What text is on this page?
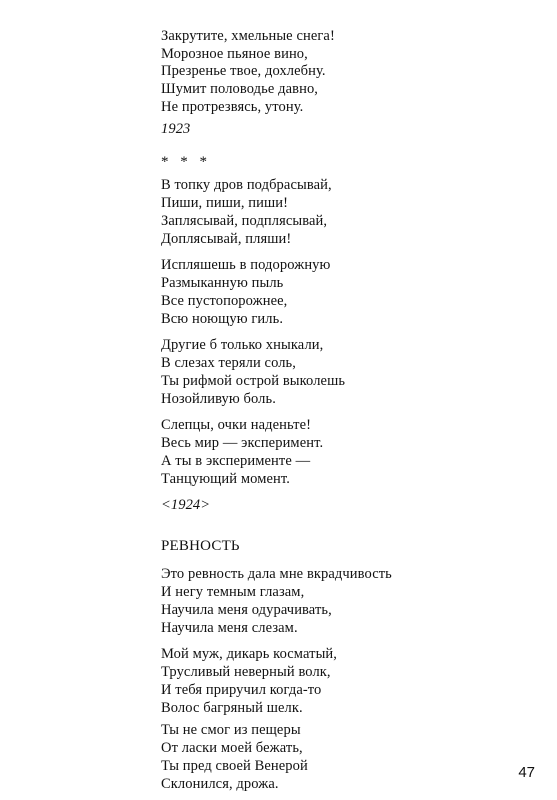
Закрутите, хмельные снега!
Морозное пьяное вино,
Презренье твое, дохлебну.
Шумит половодье давно,
Не протрезвясь, утону.
1923
* * *
В топку дров подбрасывай,
Пиши, пиши, пиши!
Заплясывай, подплясывай,
Доплясывай, пляши!
Испляшешь в подорожную
Размыканную пыль
Все пустопорожнее,
Всю ноющую гиль.
Другие б только хныкали,
В слезах теряли соль,
Ты рифмой острой выколешь
Нозойливую боль.
Слепцы, очки наденьте!
Весь мир — эксперимент.
А ты в эксперименте —
Танцующий момент.
<1924>
РЕВНОСТЬ
Это ревность дала мне вкрадчивость
И негу темным глазам,
Научила меня одурачивать,
Научила меня слезам.
Мой муж, дикарь косматый,
Трусливый неверный волк,
И тебя приручил когда-то
Волос багряный шелк.
Ты не смог из пещеры
От ласки моей бежать,
Ты пред своей Венерой
Склонился, дрожа.
47
